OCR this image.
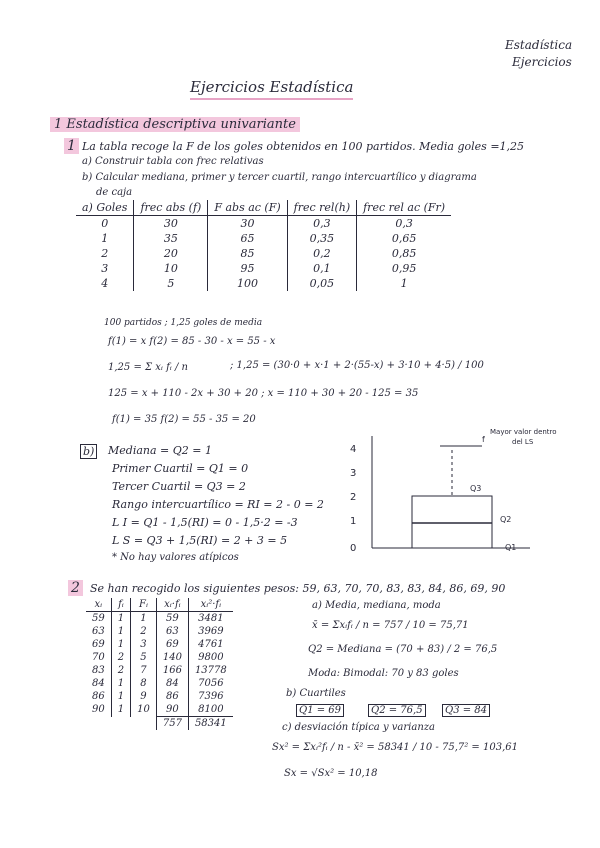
Estadística
Ejercicios
Ejercicios Estadística
1 Estadística descriptiva univariante
1 La tabla recoge la F de los goles obtenidos en 100 partidos. Media goles =1,25
a) Construir tabla con frec relativas
b) Calcular mediana, primer y tercer cuartil, rango intercuartílico y diagrama
de caja
a) Goles	frec abs (f)	F abs ac (F)	frec rel(h)	frec rel ac (Fr)
0	30	30	0,3	0,3
1	35	65	0,35	0,65
2	20	85	0,2	0,85
3	10	95	0,1	0,95
4	5	100	0,05	1
100 partidos ; 1,25 goles de media
f(1) = x f(2) = 85 - 30 - x = 55 - x
1,25 = Σ xᵢ fᵢ / n	; 1,25 = (30·0 + x·1 + 2·(55-x) + 3·10 + 4·5) / 100
125 = x + 110 - 2x + 30 + 20 ; x = 110 + 30 + 20 - 125 = 35
f(1) = 35 f(2) = 55 - 35 = 20
b) Mediana = Q2 = 1
Primer Cuartil = Q1 = 0
Tercer Cuartil = Q3 = 2
Rango intercuartílico = RI = 2 - 0 = 2
L I = Q1 - 1,5(RI) = 0 - 1,5·2 = -3
L S = Q3 + 1,5(RI) = 2 + 3 = 5
* No hay valores atípicos
4
3
2
1
0
Q3
Q2
Q1
f
Mayor valor dentro
del LS
2 Se han recogido los siguientes pesos: 59, 63, 70, 70, 83, 83, 84, 86, 69, 90
xᵢ	fᵢ	Fᵢ	xᵢ·fᵢ	xᵢ²·fᵢ
59	1	1	59	3481
63	1	2	63	3969
69	1	3	69	4761
70	2	5	140	9800
83	2	7	166	13778
84	1	8	84	7056
86	1	9	86	7396
90	1	10	90	8100
			757	58341
a) Media, mediana, moda
x̄ = Σxᵢfᵢ / n = 757 / 10 = 75,71
Q2 = Mediana = (70 + 83) / 2 = 76,5
Moda: Bimodal: 70 y 83 goles
b) Cuartiles
Q1 = 69	Q2 = 76,5	Q3 = 84
c) desviación típica y varianza
Sx² = Σxᵢ²fᵢ / n - x̄² = 58341 / 10 - 75,7² = 103,61
Sx = √Sx² = 10,18
